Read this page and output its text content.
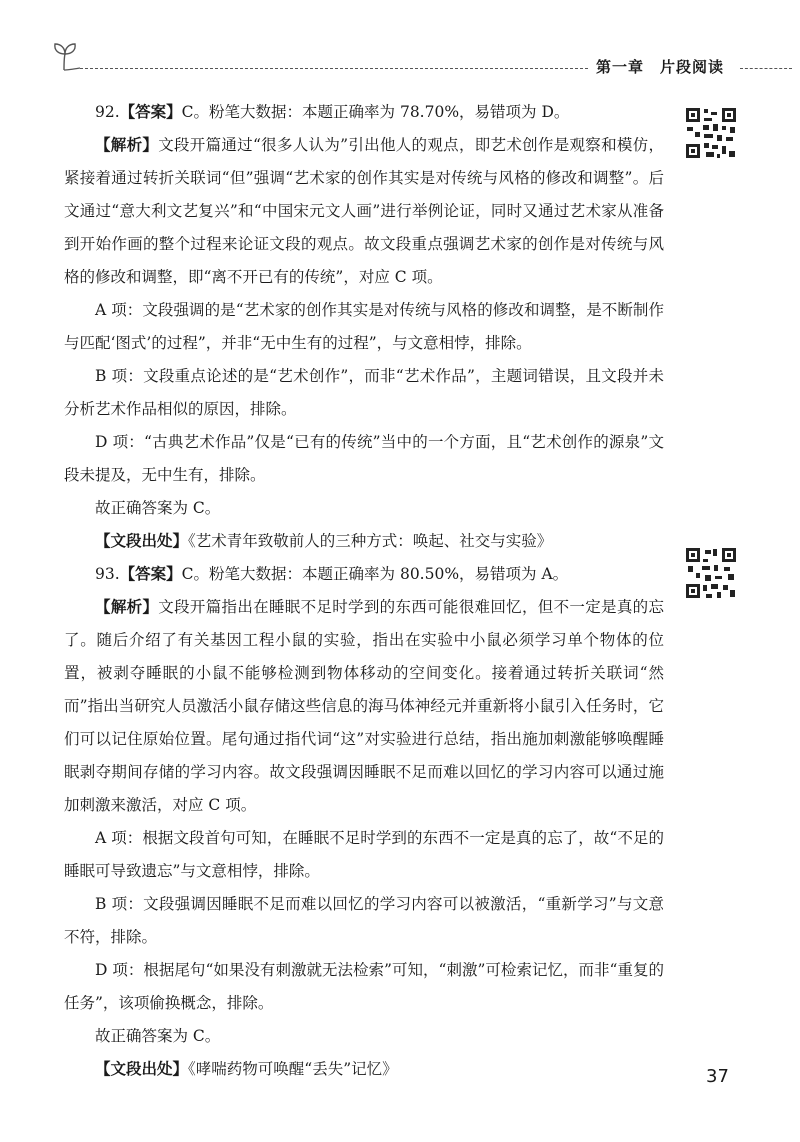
第一章　片段阅读

92.【答案】C。粉笔大数据：本题正确率为 78.70%，易错项为 D。

【解析】文段开篇通过“很多人认为”引出他人的观点，即艺术创作是观察和模仿，紧接着通过转折关联词“但”强调“艺术家的创作其实是对传统与风格的修改和调整”。后文通过“意大利文艺复兴”和“中国宋元文人画”进行举例论证，同时又通过艺术家从准备到开始作画的整个过程来论证文段的观点。故文段重点强调艺术家的创作是对传统与风格的修改和调整，即“离不开已有的传统”，对应 C 项。

A 项：文段强调的是“艺术家的创作其实是对传统与风格的修改和调整，是不断制作与匹配‘图式’的过程”，并非“无中生有的过程”，与文意相悖，排除。

B 项：文段重点论述的是“艺术创作”，而非“艺术作品”，主题词错误，且文段并未分析艺术作品相似的原因，排除。

D 项：“古典艺术作品”仅是“已有的传统”当中的一个方面，且“艺术创作的源泉”文段未提及，无中生有，排除。

故正确答案为 C。

【文段出处】《艺术青年致敬前人的三种方式：唤起、社交与实验》

93.【答案】C。粉笔大数据：本题正确率为 80.50%，易错项为 A。

【解析】文段开篇指出在睡眠不足时学到的东西可能很难回忆，但不一定是真的忘了。随后介绍了有关基因工程小鼠的实验，指出在实验中小鼠必须学习单个物体的位置，被剥夺睡眠的小鼠不能够检测到物体移动的空间变化。接着通过转折关联词“然而”指出当研究人员激活小鼠存储这些信息的海马体神经元并重新将小鼠引入任务时，它们可以记住原始位置。尾句通过指代词“这”对实验进行总结，指出施加刺激能够唤醒睡眠剥夺期间存储的学习内容。故文段强调因睡眠不足而难以回忆的学习内容可以通过施加刺激来激活，对应 C 项。

A 项：根据文段首句可知，在睡眠不足时学到的东西不一定是真的忘了，故“不足的睡眠可导致遗忘”与文意相悖，排除。

B 项：文段强调因睡眠不足而难以回忆的学习内容可以被激活，“重新学习”与文意不符，排除。

D 项：根据尾句“如果没有刺激就无法检索”可知，“刺激”可检索记忆，而非“重复的任务”，该项偷换概念，排除。

故正确答案为 C。

【文段出处】《哮喘药物可唤醒“丢失”记忆》	37
